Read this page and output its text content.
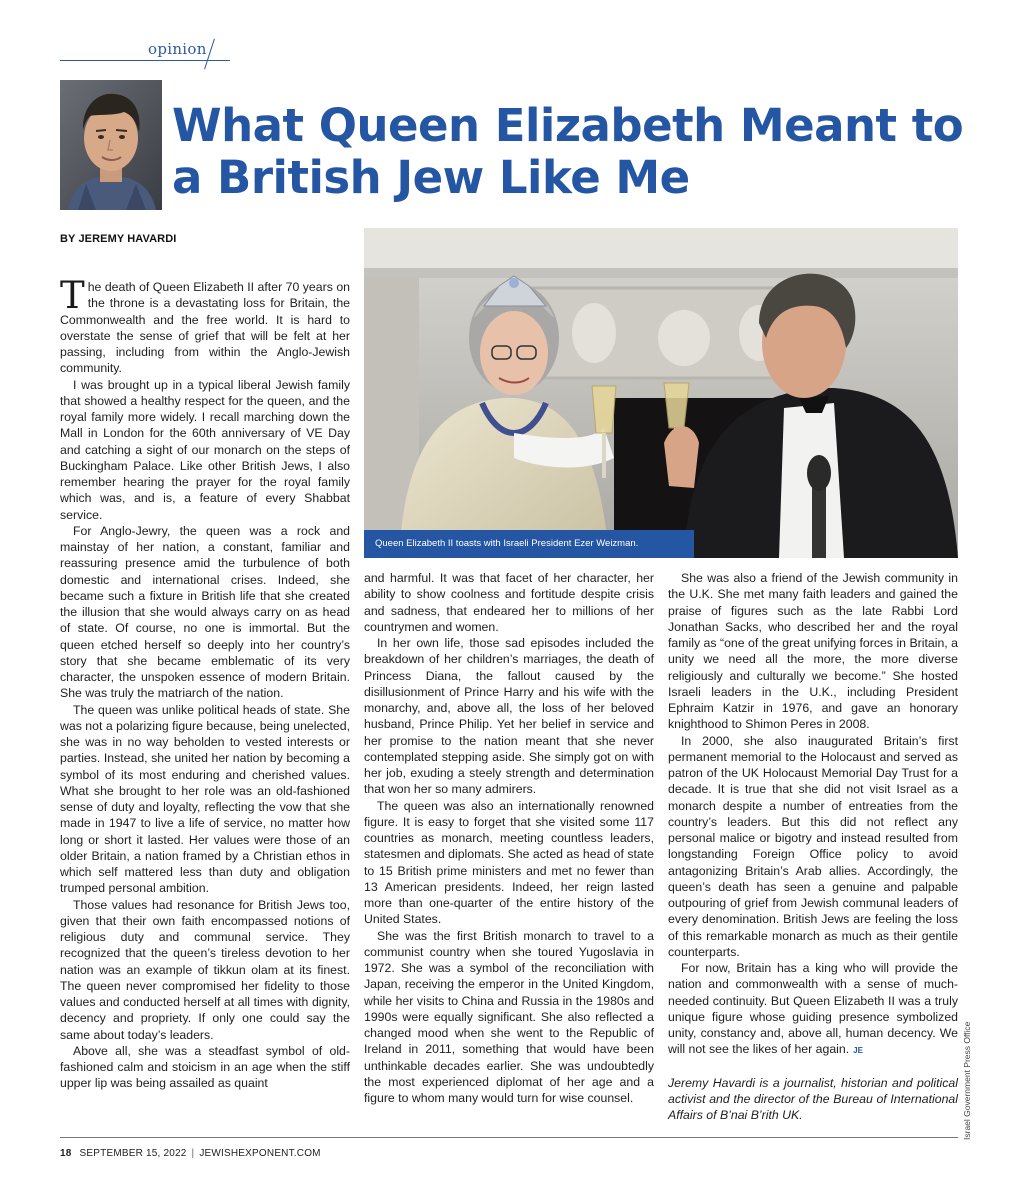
opinion
What Queen Elizabeth Meant to a British Jew Like Me
BY JEREMY HAVARDI
Queen Elizabeth II toasts with Israeli President Ezer Weizman.

The death of Queen Elizabeth II after 70 years on the throne is a devastating loss for Britain, the Commonwealth and the free world. It is hard to overstate the sense of grief that will be felt at her passing, including from within the Anglo-Jewish community.

I was brought up in a typical liberal Jewish family that showed a healthy respect for the queen, and the royal family more widely. I recall marching down the Mall in London for the 60th anniversary of VE Day and catching a sight of our monarch on the steps of Buckingham Palace. Like other British Jews, I also remember hearing the prayer for the royal family which was, and is, a feature of every Shabbat service.

For Anglo-Jewry, the queen was a rock and mainstay of her nation, a constant, familiar and reassuring presence amid the turbulence of both domestic and international crises. Indeed, she became such a fixture in British life that she created the illusion that she would always carry on as head of state. Of course, no one is immortal. But the queen etched herself so deeply into her country’s story that she became emblematic of its very character, the unspoken essence of modern Britain. She was truly the matriarch of the nation.

The queen was unlike political heads of state. She was not a polarizing figure because, being unelected, she was in no way beholden to vested interests or parties. Instead, she united her nation by becoming a symbol of its most enduring and cherished values. What she brought to her role was an old-fashioned sense of duty and loyalty, reflecting the vow that she made in 1947 to live a life of service, no matter how long or short it lasted. Her values were those of an older Britain, a nation framed by a Christian ethos in which self mattered less than duty and obligation trumped personal ambition.

Those values had resonance for British Jews too, given that their own faith encompassed notions of religious duty and communal service. They recognized that the queen’s tireless devotion to her nation was an example of tikkun olam at its finest. The queen never compromised her fidelity to those values and conducted herself at all times with dignity, decency and propriety. If only one could say the same about today’s leaders.

Above all, she was a steadfast symbol of old-fashioned calm and stoicism in an age when the stiff upper lip was being assailed as quaint

and harmful. It was that facet of her character, her ability to show coolness and fortitude despite crisis and sadness, that endeared her to millions of her countrymen and women.

In her own life, those sad episodes included the breakdown of her children’s marriages, the death of Princess Diana, the fallout caused by the disillusionment of Prince Harry and his wife with the monarchy, and, above all, the loss of her beloved husband, Prince Philip. Yet her belief in service and her promise to the nation meant that she never contemplated stepping aside. She simply got on with her job, exuding a steely strength and determination that won her so many admirers.

The queen was also an internationally renowned figure. It is easy to forget that she visited some 117 countries as monarch, meeting countless leaders, statesmen and diplomats. She acted as head of state to 15 British prime ministers and met no fewer than 13 American presidents. Indeed, her reign lasted more than one-quarter of the entire history of the United States.

She was the first British monarch to travel to a communist country when she toured Yugoslavia in 1972. She was a symbol of the reconciliation with Japan, receiving the emperor in the United Kingdom, while her visits to China and Russia in the 1980s and 1990s were equally significant. She also reflected a changed mood when she went to the Republic of Ireland in 2011, something that would have been unthinkable decades earlier. She was undoubtedly the most experienced diplomat of her age and a figure to whom many would turn for wise counsel.

She was also a friend of the Jewish community in the U.K. She met many faith leaders and gained the praise of figures such as the late Rabbi Lord Jonathan Sacks, who described her and the royal family as “one of the great unifying forces in Britain, a unity we need all the more, the more diverse religiously and culturally we become.” She hosted Israeli leaders in the U.K., including President Ephraim Katzir in 1976, and gave an honorary knighthood to Shimon Peres in 2008.

In 2000, she also inaugurated Britain’s first permanent memorial to the Holocaust and served as patron of the UK Holocaust Memorial Day Trust for a decade. It is true that she did not visit Israel as a monarch despite a number of entreaties from the country’s leaders. But this did not reflect any personal malice or bigotry and instead resulted from longstanding Foreign Office policy to avoid antagonizing Britain’s Arab allies. Accordingly, the queen’s death has seen a genuine and palpable outpouring of grief from Jewish communal leaders of every denomination. British Jews are feeling the loss of this remarkable monarch as much as their gentile counterparts.

For now, Britain has a king who will provide the nation and commonwealth with a sense of much-needed continuity. But Queen Elizabeth II was a truly unique figure whose guiding presence symbolized unity, constancy and, above all, human decency. We will not see the likes of her again. JE

Jeremy Havardi is a journalist, historian and political activist and the director of the Bureau of International Affairs of B’nai B’rith UK.	Israel Government Press Office
18 SEPTEMBER 15, 2022 | JEWISHEXPONENT.COM
